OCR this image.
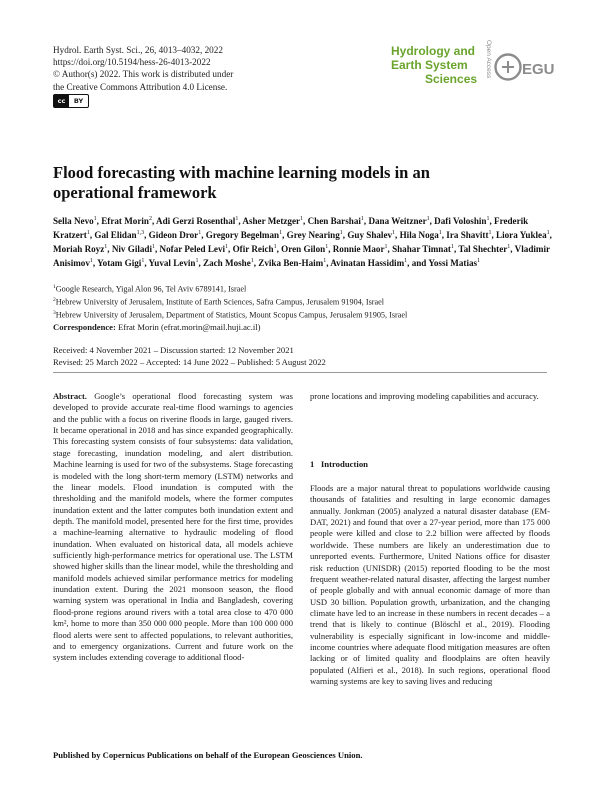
Hydrol. Earth Syst. Sci., 26, 4013–4032, 2022
https://doi.org/10.5194/hess-26-4013-2022
© Author(s) 2022. This work is distributed under
the Creative Commons Attribution 4.0 License.
cc	BY
Hydrology and
Earth System
Sciences
Open Access EGU
Flood forecasting with machine learning models in an operational framework
Sella Nevo$^1$, Efrat Morin$^2$, Adi Gerzi Rosenthal$^1$, Asher Metzger$^1$, Chen Barshai$^1$, Dana Weitzner$^1$, Dafi Voloshin$^1$, Frederik Kratzert$^1$, Gal Elidan$^{1,3}$, Gideon Dror$^1$, Gregory Begelman$^1$, Grey Nearing$^1$, Guy Shalev$^1$, Hila Noga$^1$, Ira Shavitt$^1$, Liora Yuklea$^1$, Moriah Royz$^1$, Niv Giladi$^1$, Nofar Peled Levi$^1$, Ofir Reich$^1$, Oren Gilon$^1$, Ronnie Maor$^1$, Shahar Timnat$^1$, Tal Shechter$^1$, Vladimir Anisimov$^1$, Yotam Gigi$^1$, Yuval Levin$^1$, Zach Moshe$^1$, Zvika Ben-Haim$^1$, Avinatan Hassidim$^1$, and Yossi Matias$^1$
$^1$Google Research, Yigal Alon 96, Tel Aviv 6789141, Israel
$^2$Hebrew University of Jerusalem, Institute of Earth Sciences, Safra Campus, Jerusalem 91904, Israel
$^3$Hebrew University of Jerusalem, Department of Statistics, Mount Scopus Campus, Jerusalem 91905, Israel
Correspondence: Efrat Morin (efrat.morin@mail.huji.ac.il)
Received: 4 November 2021 – Discussion started: 12 November 2021
Revised: 25 March 2022 – Accepted: 14 June 2022 – Published: 5 August 2022
Abstract. Google’s operational flood forecasting system was developed to provide accurate real-time flood warnings to agencies and the public with a focus on riverine floods in large, gauged rivers. It became operational in 2018 and has since expanded geographically. This forecasting system consists of four subsystems: data validation, stage forecasting, inundation modeling, and alert distribution. Machine learning is used for two of the subsystems. Stage forecasting is modeled with the long short-term memory (LSTM) networks and the linear models. Flood inundation is computed with the thresholding and the manifold models, where the former computes inundation extent and the latter computes both inundation extent and depth. The manifold model, presented here for the first time, provides a machine-learning alternative to hydraulic modeling of flood inundation. When evaluated on historical data, all models achieve sufficiently high-performance metrics for operational use. The LSTM showed higher skills than the linear model, while the thresholding and manifold models achieved similar performance metrics for modeling inundation extent. During the 2021 monsoon season, the flood warning system was operational in India and Bangladesh, covering flood-prone regions around rivers with a total area close to 470 000 km², home to more than 350 000 000 people. More than 100 000 000 flood alerts were sent to affected populations, to relevant authorities, and to emergency organizations. Current and future work on the system includes extending coverage to additional flood-
prone locations and improving modeling capabilities and accuracy.
1   Introduction
Floods are a major natural threat to populations worldwide causing thousands of fatalities and resulting in large economic damages annually. Jonkman (2005) analyzed a natural disaster database (EM-DAT, 2021) and found that over a 27-year period, more than 175 000 people were killed and close to 2.2 billion were affected by floods worldwide. These numbers are likely an underestimation due to unreported events. Furthermore, United Nations office for disaster risk reduction (UNISDR) (2015) reported flooding to be the most frequent weather-related natural disaster, affecting the largest number of people globally and with annual economic damage of more than USD 30 billion. Population growth, urbanization, and the changing climate have led to an increase in these numbers in recent decades – a trend that is likely to continue (Blöschl et al., 2019). Flooding vulnerability is especially significant in low-income and middle-income countries where adequate flood mitigation measures are often lacking or of limited quality and floodplains are often heavily populated (Alfieri et al., 2018). In such regions, operational flood warning systems are key to saving lives and reducing
Published by Copernicus Publications on behalf of the European Geosciences Union.
